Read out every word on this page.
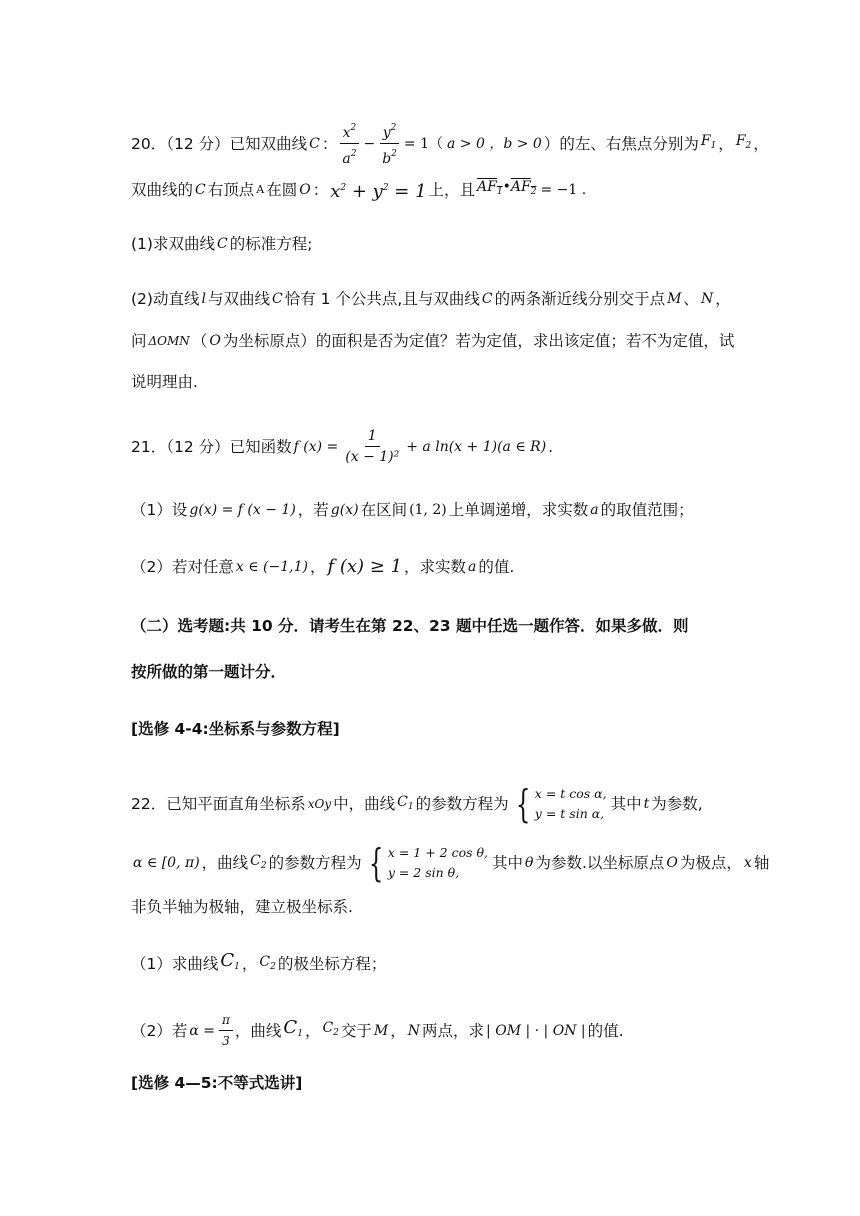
20．（12 分）已知双曲线 C ： $\frac{x^2}{a^2} - \frac{y^2}{b^2} = 1$（ a > 0 ，b > 0 ）的左、右焦点分别为 $F_1$ ， $F_2$ ，
双曲线的 C 右顶点 A 在圆 O ： $x^2 + y^2 = 1$ 上，且 $AF_1•AF_2 = -1$ .
(1)求双曲线 C 的标准方程;
(2)动直线 l 与双曲线 C 恰有 1 个公共点,且与双曲线 C 的两条渐近线分别交于点 M 、 N ，
问 ΔOMN （ O 为坐标原点）的面积是否为定值？若为定值，求出该定值；若不为定值，试
说明理由.
21．（12 分）已知函数 f $(x) = \frac{1}{\text{(x − 1)²}} + a$ ln(x + 1)(a ∈ R) .
（1）设 g(x) = f (x − 1) ，若 g(x) 在区间 (1, 2) 上单调递增，求实数 a 的取值范围；
（2）若对任意 x ∈ (−1,1) ， f (x) ≥ 1 ，求实数 a 的值.
（二）选考题:共 10 分．请考生在第 22、23 题中任选一题作答．如果多做．则
按所做的第一题计分．
[选修 4-4:坐标系与参数方程]
22．已知平面直角坐标系 xOy 中，曲线 $C_1$ 的参数方程为 { x = t cos α,
y = t sin α,
其中 t 为参数,
α ∈ [0, π) ，曲线 $C_2$ 的参数方程为 { x = 1 + 2 cos θ,
y = 2 sin θ,
其中 θ 为参数.以坐标原点 O 为极点， x 轴
非负半轴为极轴，建立极坐标系.
（1）求曲线 $C_1$ ， $C_2$ 的极坐标方程；
（2）若 $\alpha = \frac{\pi}{3}$ ，曲线 $C_1$ ， $C_2$ 交于 M ， N 两点，求 | OM | · | ON | 的值.
[选修 4—5:不等式选讲]
